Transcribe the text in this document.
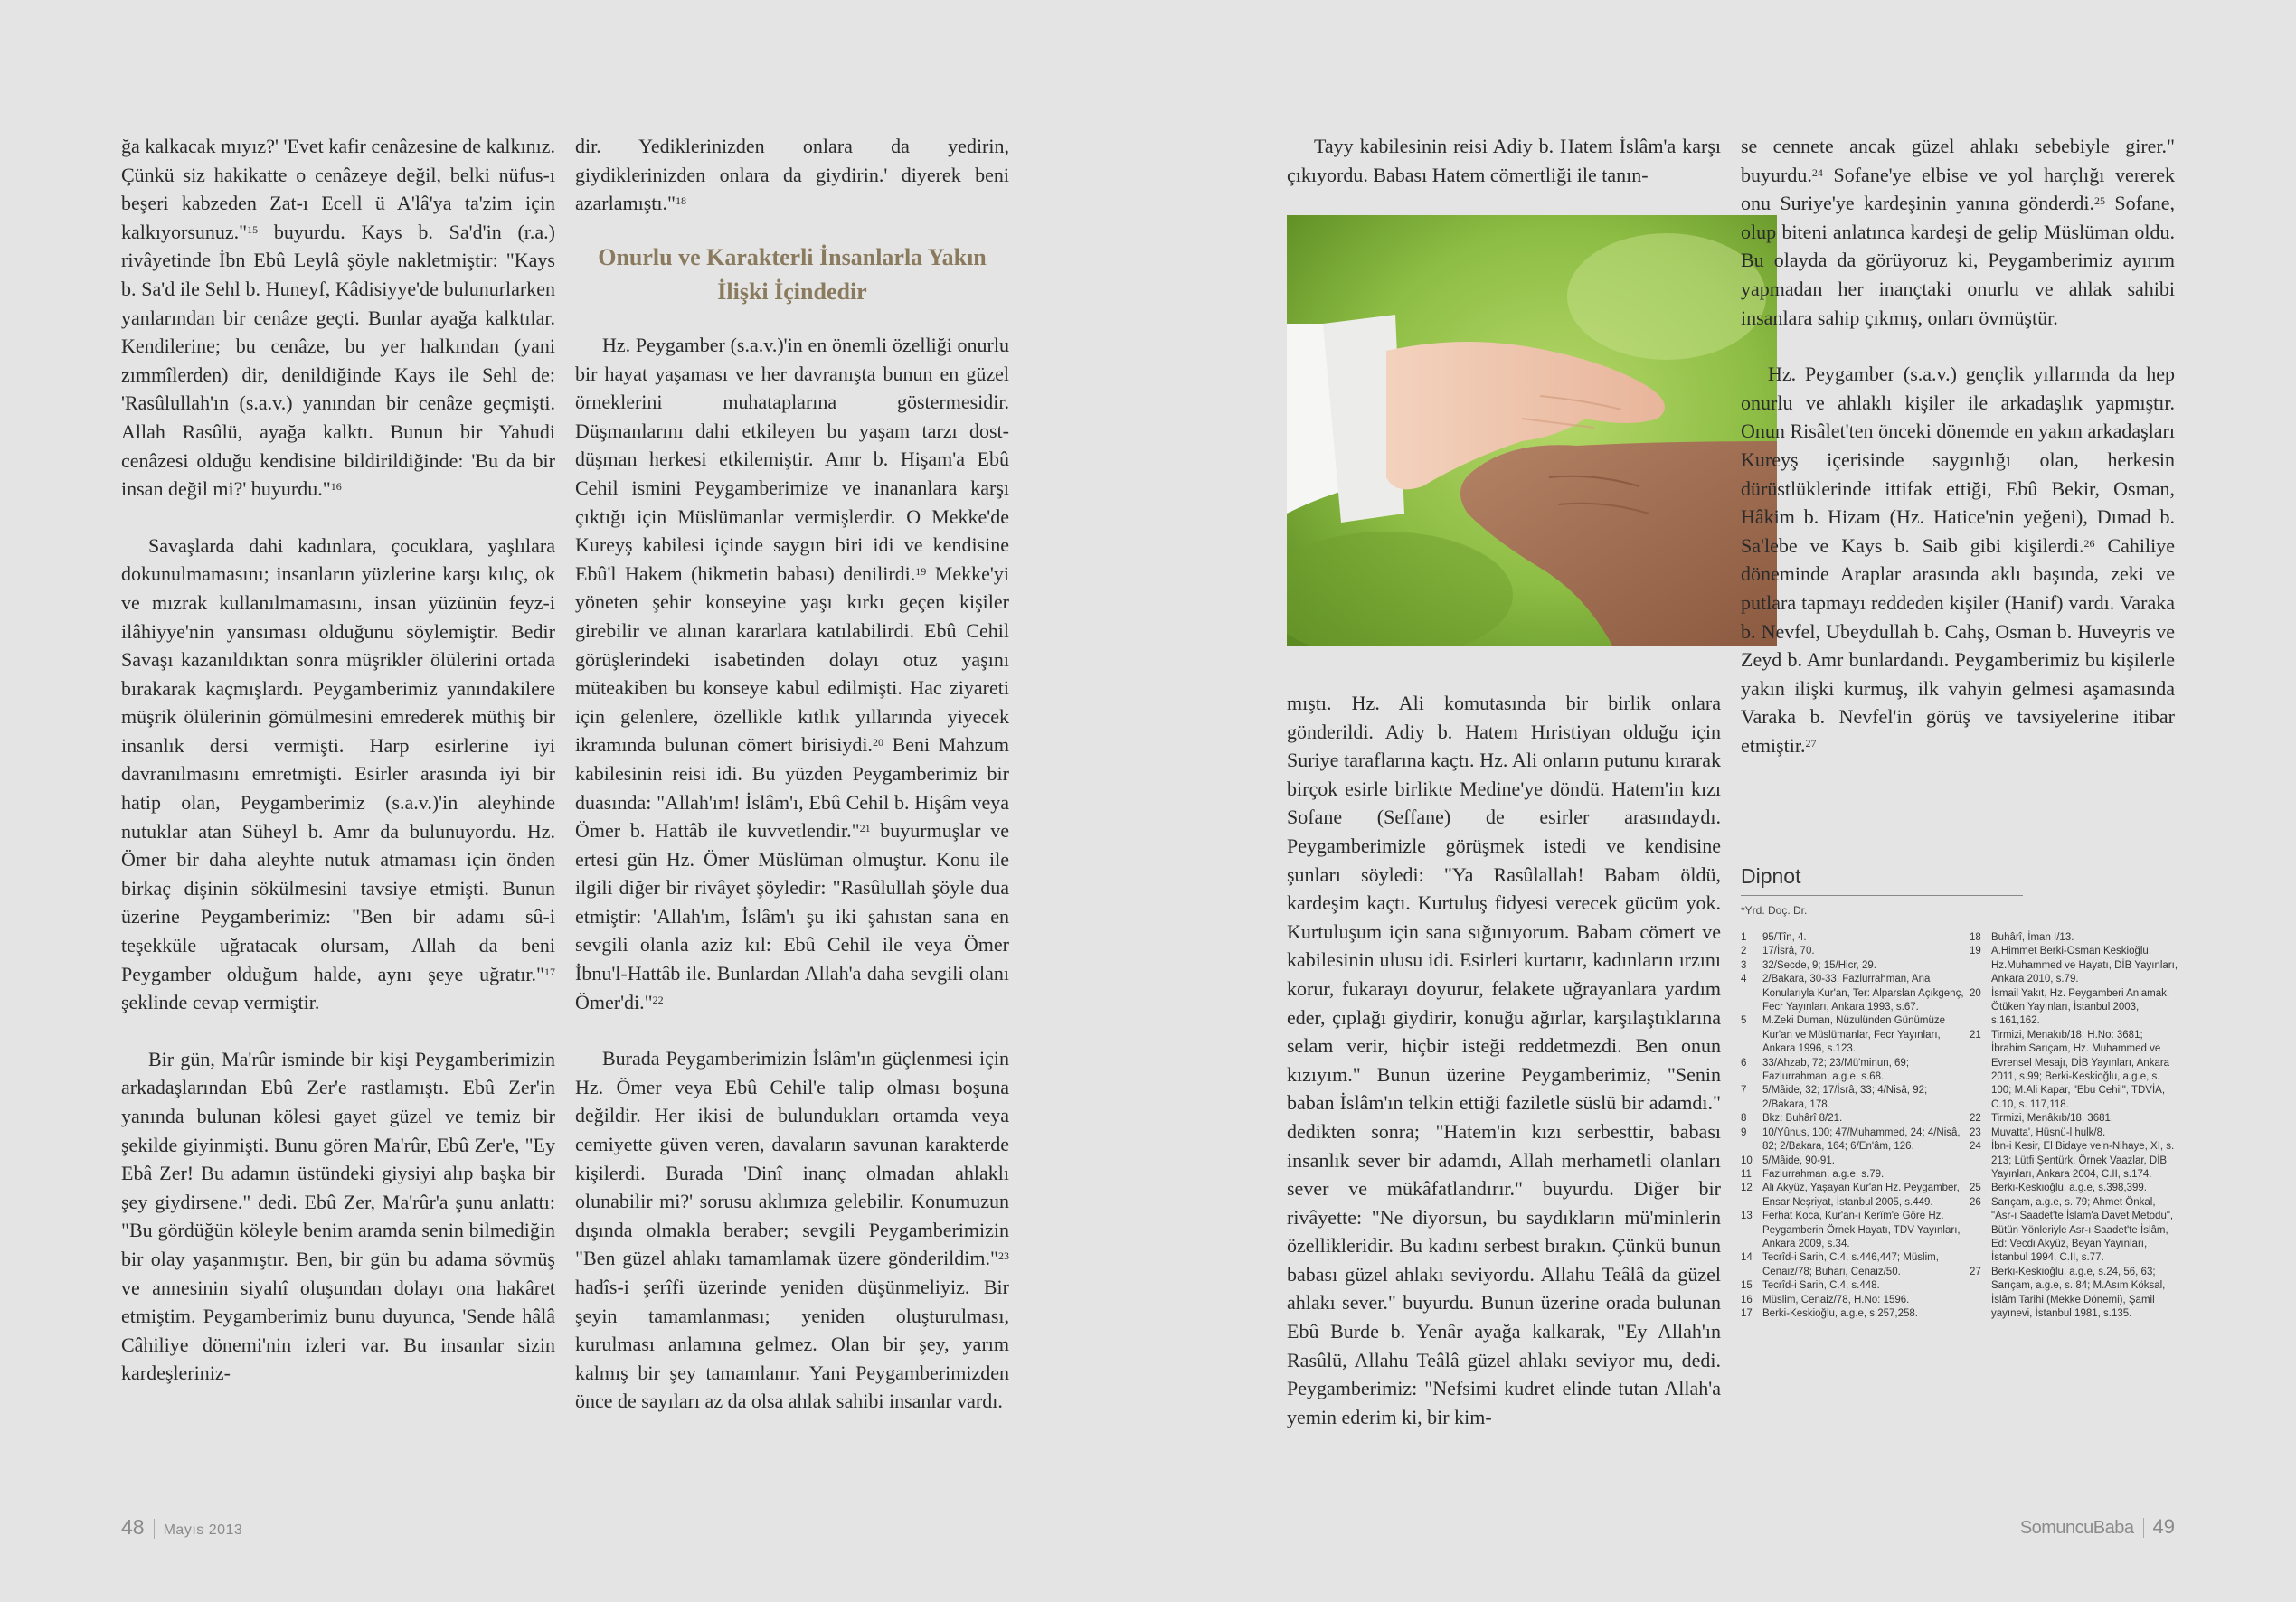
ğa kalkacak mıyız?' 'Evet kafir cenâzesine de kalkınız. Çünkü siz hakikatte o cenâzeye değil, belki nüfus-ı beşeri kabzeden Zat-ı Ecell ü A'lâ'ya ta'zim için kalkıyorsunuz."$^{15}$ buyurdu. Kays b. Sa'd'in (r.a.) rivâyetinde İbn Ebû Leylâ şöyle nakletmiştir: "Kays b. Sa'd ile Sehl b. Huneyf, Kâdisiyye'de bulunurlarken yanlarından bir cenâze geçti. Bunlar ayağa kalktılar. Kendilerine; bu cenâze, bu yer halkından (yani zımmîlerden) dir, denildiğinde Kays ile Sehl de: 'Rasûlullah'ın (s.a.v.) yanından bir cenâze geçmişti. Allah Rasûlü, ayağa kalktı. Bunun bir Yahudi cenâzesi olduğu kendisine bildirildiğinde: 'Bu da bir insan değil mi?' buyurdu."$^{16}$

Savaşlarda dahi kadınlara, çocuklara, yaşlılara dokunulmamasını; insanların yüzlerine karşı kılıç, ok ve mızrak kullanılmamasını, insan yüzünün feyz-i ilâhiyye'nin yansıması olduğunu söylemiştir. Bedir Savaşı kazanıldıktan sonra müşrikler ölülerini ortada bırakarak kaçmışlardı. Peygamberimiz yanındakilere müşrik ölülerinin gömülmesini emrederek müthiş bir insanlık dersi vermişti. Harp esirlerine iyi davranılmasını emretmişti. Esirler arasında iyi bir hatip olan, Peygamberimiz (s.a.v.)'in aleyhinde nutuklar atan Süheyl b. Amr da bulunuyordu. Hz. Ömer bir daha aleyhte nutuk atmaması için önden birkaç dişinin sökülmesini tavsiye etmişti. Bunun üzerine Peygamberimiz: "Ben bir adamı sû-i teşekküle uğratacak olursam, Allah da beni Peygamber olduğum halde, aynı şeye uğratır."$^{17}$ şeklinde cevap vermiştir.

Bir gün, Ma'rûr isminde bir kişi Peygamberimizin arkadaşlarından Ebû Zer'e rastlamıştı. Ebû Zer'in yanında bulunan kölesi gayet güzel ve temiz bir şekilde giyinmişti. Bunu gören Ma'rûr, Ebû Zer'e, "Ey Ebâ Zer! Bu adamın üstündeki giysiyi alıp başka bir şey giydirsene." dedi. Ebû Zer, Ma'rûr'a şunu anlattı: "Bu gördüğün köleyle benim aramda senin bilmediğin bir olay yaşanmıştır. Ben, bir gün bu adama sövmüş ve annesinin siyahî oluşundan dolayı ona hakâret etmiştim. Peygamberimiz bunu duyunca, 'Sende hâlâ Câhiliye dönemi'nin izleri var. Bu insanlar sizin kardeşleriniz-

dir. Yediklerinizden onlara da yedirin, giydiklerinizden onlara da giydirin.' diyerek beni azarlamıştı."$^{18}$

Onurlu ve Karakterli İnsanlarla Yakın İlişki İçindedir

Hz. Peygamber (s.a.v.)'in en önemli özelliği onurlu bir hayat yaşaması ve her davranışta bunun en güzel örneklerini muhataplarına göstermesidir. Düşmanlarını dahi etkileyen bu yaşam tarzı dost-düşman herkesi etkilemiştir. Amr b. Hişam'a Ebû Cehil ismini Peygamberimize ve inananlara karşı çıktığı için Müslümanlar vermişlerdir. O Mekke'de Kureyş kabilesi içinde saygın biri idi ve kendisine Ebû'l Hakem (hikmetin babası) denilirdi.$^{19}$ Mekke'yi yöneten şehir konseyine yaşı kırkı geçen kişiler girebilir ve alınan kararlara katılabilirdi. Ebû Cehil görüşlerindeki isabetinden dolayı otuz yaşını müteakiben bu konseye kabul edilmişti. Hac ziyareti için gelenlere, özellikle kıtlık yıllarında yiyecek ikramında bulunan cömert birisiydi.$^{20}$ Beni Mahzum kabilesinin reisi idi. Bu yüzden Peygamberimiz bir duasında: "Allah'ım! İslâm'ı, Ebû Cehil b. Hişâm veya Ömer b. Hattâb ile kuvvetlendir."$^{21}$ buyurmuşlar ve ertesi gün Hz. Ömer Müslüman olmuştur. Konu ile ilgili diğer bir rivâyet şöyledir: "Rasûlullah şöyle dua etmiştir: 'Allah'ım, İslâm'ı şu iki şahıstan sana en sevgili olanla aziz kıl: Ebû Cehil ile veya Ömer İbnu'l-Hattâb ile. Bunlardan Allah'a daha sevgili olanı Ömer'di."$^{22}$

Burada Peygamberimizin İslâm'ın güçlenmesi için Hz. Ömer veya Ebû Cehil'e talip olması boşuna değildir. Her ikisi de bulundukları ortamda veya cemiyette güven veren, davaların savunan karakterde kişilerdi. Burada 'Dinî inanç olmadan ahlaklı olunabilir mi?' sorusu aklımıza gelebilir. Konumuzun dışında olmakla beraber; sevgili Peygamberimizin "Ben güzel ahlakı tamamlamak üzere gönderildim."$^{23}$ hadîs-i şerîfi üzerinde yeniden düşünmeliyiz. Bir şeyin tamamlanması; yeniden oluşturulması, kurulması anlamına gelmez. Olan bir şey, yarım kalmış bir şey tamamlanır. Yani Peygamberimizden önce de sayıları az da olsa ahlak sahibi insanlar vardı.

48 Mayıs 2013

Tayy kabilesinin reisi Adiy b. Hatem İslâm'a karşı çıkıyordu. Babası Hatem cömertliği ile tanın-

mıştı. Hz. Ali komutasında bir birlik onlara gönderildi. Adiy b. Hatem Hıristiyan olduğu için Suriye taraflarına kaçtı. Hz. Ali onların putunu kırarak birçok esirle birlikte Medine'ye döndü. Hatem'in kızı Sofane (Seffane) de esirler arasındaydı. Peygamberimizle görüşmek istedi ve kendisine şunları söyledi: "Ya Rasûlallah! Babam öldü, kardeşim kaçtı. Kurtuluş fidyesi verecek gücüm yok. Kurtuluşum için sana sığınıyorum. Babam cömert ve kabilesinin ulusu idi. Esirleri kurtarır, kadınların ırzını korur, fukarayı doyurur, felakete uğrayanlara yardım eder, çıplağı giydirir, konuğu ağırlar, karşılaştıklarına selam verir, hiçbir isteği reddetmezdi. Ben onun kızıyım." Bunun üzerine Peygamberimiz, "Senin baban İslâm'ın telkin ettiği faziletle süslü bir adamdı." dedikten sonra; "Hatem'in kızı serbesttir, babası insanlık sever bir adamdı, Allah merhametli olanları sever ve mükâfatlandırır." buyurdu. Diğer bir rivâyette: "Ne diyorsun, bu saydıkların mü'minlerin özellikleridir. Bu kadını serbest bırakın. Çünkü bunun babası güzel ahlakı seviyordu. Allahu Teâlâ da güzel ahlakı sever." buyurdu. Bunun üzerine orada bulunan Ebû Burde b. Yenâr ayağa kalkarak, "Ey Allah'ın Rasûlü, Allahu Teâlâ güzel ahlakı seviyor mu, dedi. Peygamberimiz: "Nefsimi kudret elinde tutan Allah'a yemin ederim ki, bir kim-

se cennete ancak güzel ahlakı sebebiyle girer." buyurdu.$^{24}$ Sofane'ye elbise ve yol harçlığı vererek onu Suriye'ye kardeşinin yanına gönderdi.$^{25}$ Sofane, olup biteni anlatınca kardeşi de gelip Müslüman oldu. Bu olayda da görüyoruz ki, Peygamberimiz ayırım yapmadan her inançtaki onurlu ve ahlak sahibi insanlara sahip çıkmış, onları övmüştür.

Hz. Peygamber (s.a.v.) gençlik yıllarında da hep onurlu ve ahlaklı kişiler ile arkadaşlık yapmıştır. Onun Risâlet'ten önceki dönemde en yakın arkadaşları Kureyş içerisinde saygınlığı olan, herkesin dürüstlüklerinde ittifak ettiği, Ebû Bekir, Osman, Hâkim b. Hizam (Hz. Hatice'nin yeğeni), Dımad b. Sa'lebe ve Kays b. Saib gibi kişilerdi.$^{26}$ Cahiliye döneminde Araplar arasında aklı başında, zeki ve putlara tapmayı reddeden kişiler (Hanif) vardı. Varaka b. Nevfel, Ubeydullah b. Cahş, Osman b. Huveyris ve Zeyd b. Amr bunlardandı. Peygamberimiz bu kişilerle yakın ilişki kurmuş, ilk vahyin gelmesi aşamasında Varaka b. Nevfel'in görüş ve tavsiyelerine itibar etmiştir.$^{27}$

Dipnot
*Yrd. Doç. Dr.
1	95/Tîn, 4.
2	17/İsrâ, 70.
3	32/Secde, 9; 15/Hicr, 29.
4	2/Bakara, 30-33; Fazlurrahman, Ana Konularıyla Kur'an, Ter: Alparslan Açıkgenç, Fecr Yayınları, Ankara 1993, s.67.
5	M.Zeki Duman, Nüzulünden Günümüze Kur'an ve Müslümanlar, Fecr Yayınları, Ankara 1996, s.123.
6	33/Ahzab, 72; 23/Mü'minun, 69; Fazlurrahman, a.g.e, s.68.
7	5/Mâide, 32; 17/İsrâ, 33; 4/Nisâ, 92; 2/Bakara, 178.
8	Bkz: Buhârî 8/21.
9	10/Yûnus, 100; 47/Muhammed, 24; 4/Nisâ, 82; 2/Bakara, 164; 6/En'âm, 126.
10 5/Mâide, 90-91.
11	Fazlurrahman, a.g.e, s.79.
12 Ali Akyüz, Yaşayan Kur'an Hz. Peygamber, Ensar Neşriyat, İstanbul 2005, s.449.
13 Ferhat Koca, Kur'an-ı Kerîm'e Göre Hz. Peygamberin Örnek Hayatı, TDV Yayınları, Ankara 2009, s.34.
14 Tecrîd-i Sarih, C.4, s.446,447; Müslim, Cenaiz/78; Buhari, Cenaiz/50.
15 Tecrîd-i Sarih, C.4, s.448.
16 Müslim, Cenaiz/78, H.No: 1596.
17 Berki-Keskioğlu, a.g.e, s.257,258.
18 Buhârî, İman I/13.
19 A.Himmet Berki-Osman Keskioğlu, Hz.Muhammed ve Hayatı, DİB Yayınları, Ankara 2010, s.79.
20 İsmail Yakıt, Hz. Peygamberi Anlamak, Ötüken Yayınları, İstanbul 2003, s.161,162.
21 Tirmizi, Menakıb/18, H.No: 3681; İbrahim Sarıçam, Hz. Muhammed ve Evrensel Mesajı, DİB Yayınları, Ankara 2011, s.99; Berki-Keskioğlu, a.g.e, s. 100; M.Ali Kapar, "Ebu Cehil", TDVİA, C.10, s. 117,118.
22 Tirmizi, Menâkıb/18, 3681.
23 Muvatta', Hüsnü-l hulk/8.
24 İbn-i Kesir, El Bidaye ve'n-Nihaye, XI, s. 213; Lütfi Şentürk, Örnek Vaazlar, DİB Yayınları, Ankara 2004, C.II, s.174.
25 Berki-Keskioğlu, a.g.e, s.398,399.
26 Sarıçam, a.g.e, s. 79; Ahmet Önkal, "Asr-ı Saadet'te İslam'a Davet Metodu", Bütün Yönleriyle Asr-ı Saadet'te İslâm, Ed: Vecdi Akyüz, Beyan Yayınları, İstanbul 1994, C.II, s.77.
27 Berki-Keskioğlu, a.g.e, s.24, 56, 63; Sarıçam, a.g.e, s. 84; M.Asım Köksal, İslâm Tarihi (Mekke Dönemi), Şamil yayınevi, İstanbul 1981, s.135.
SomuncuBaba 49
